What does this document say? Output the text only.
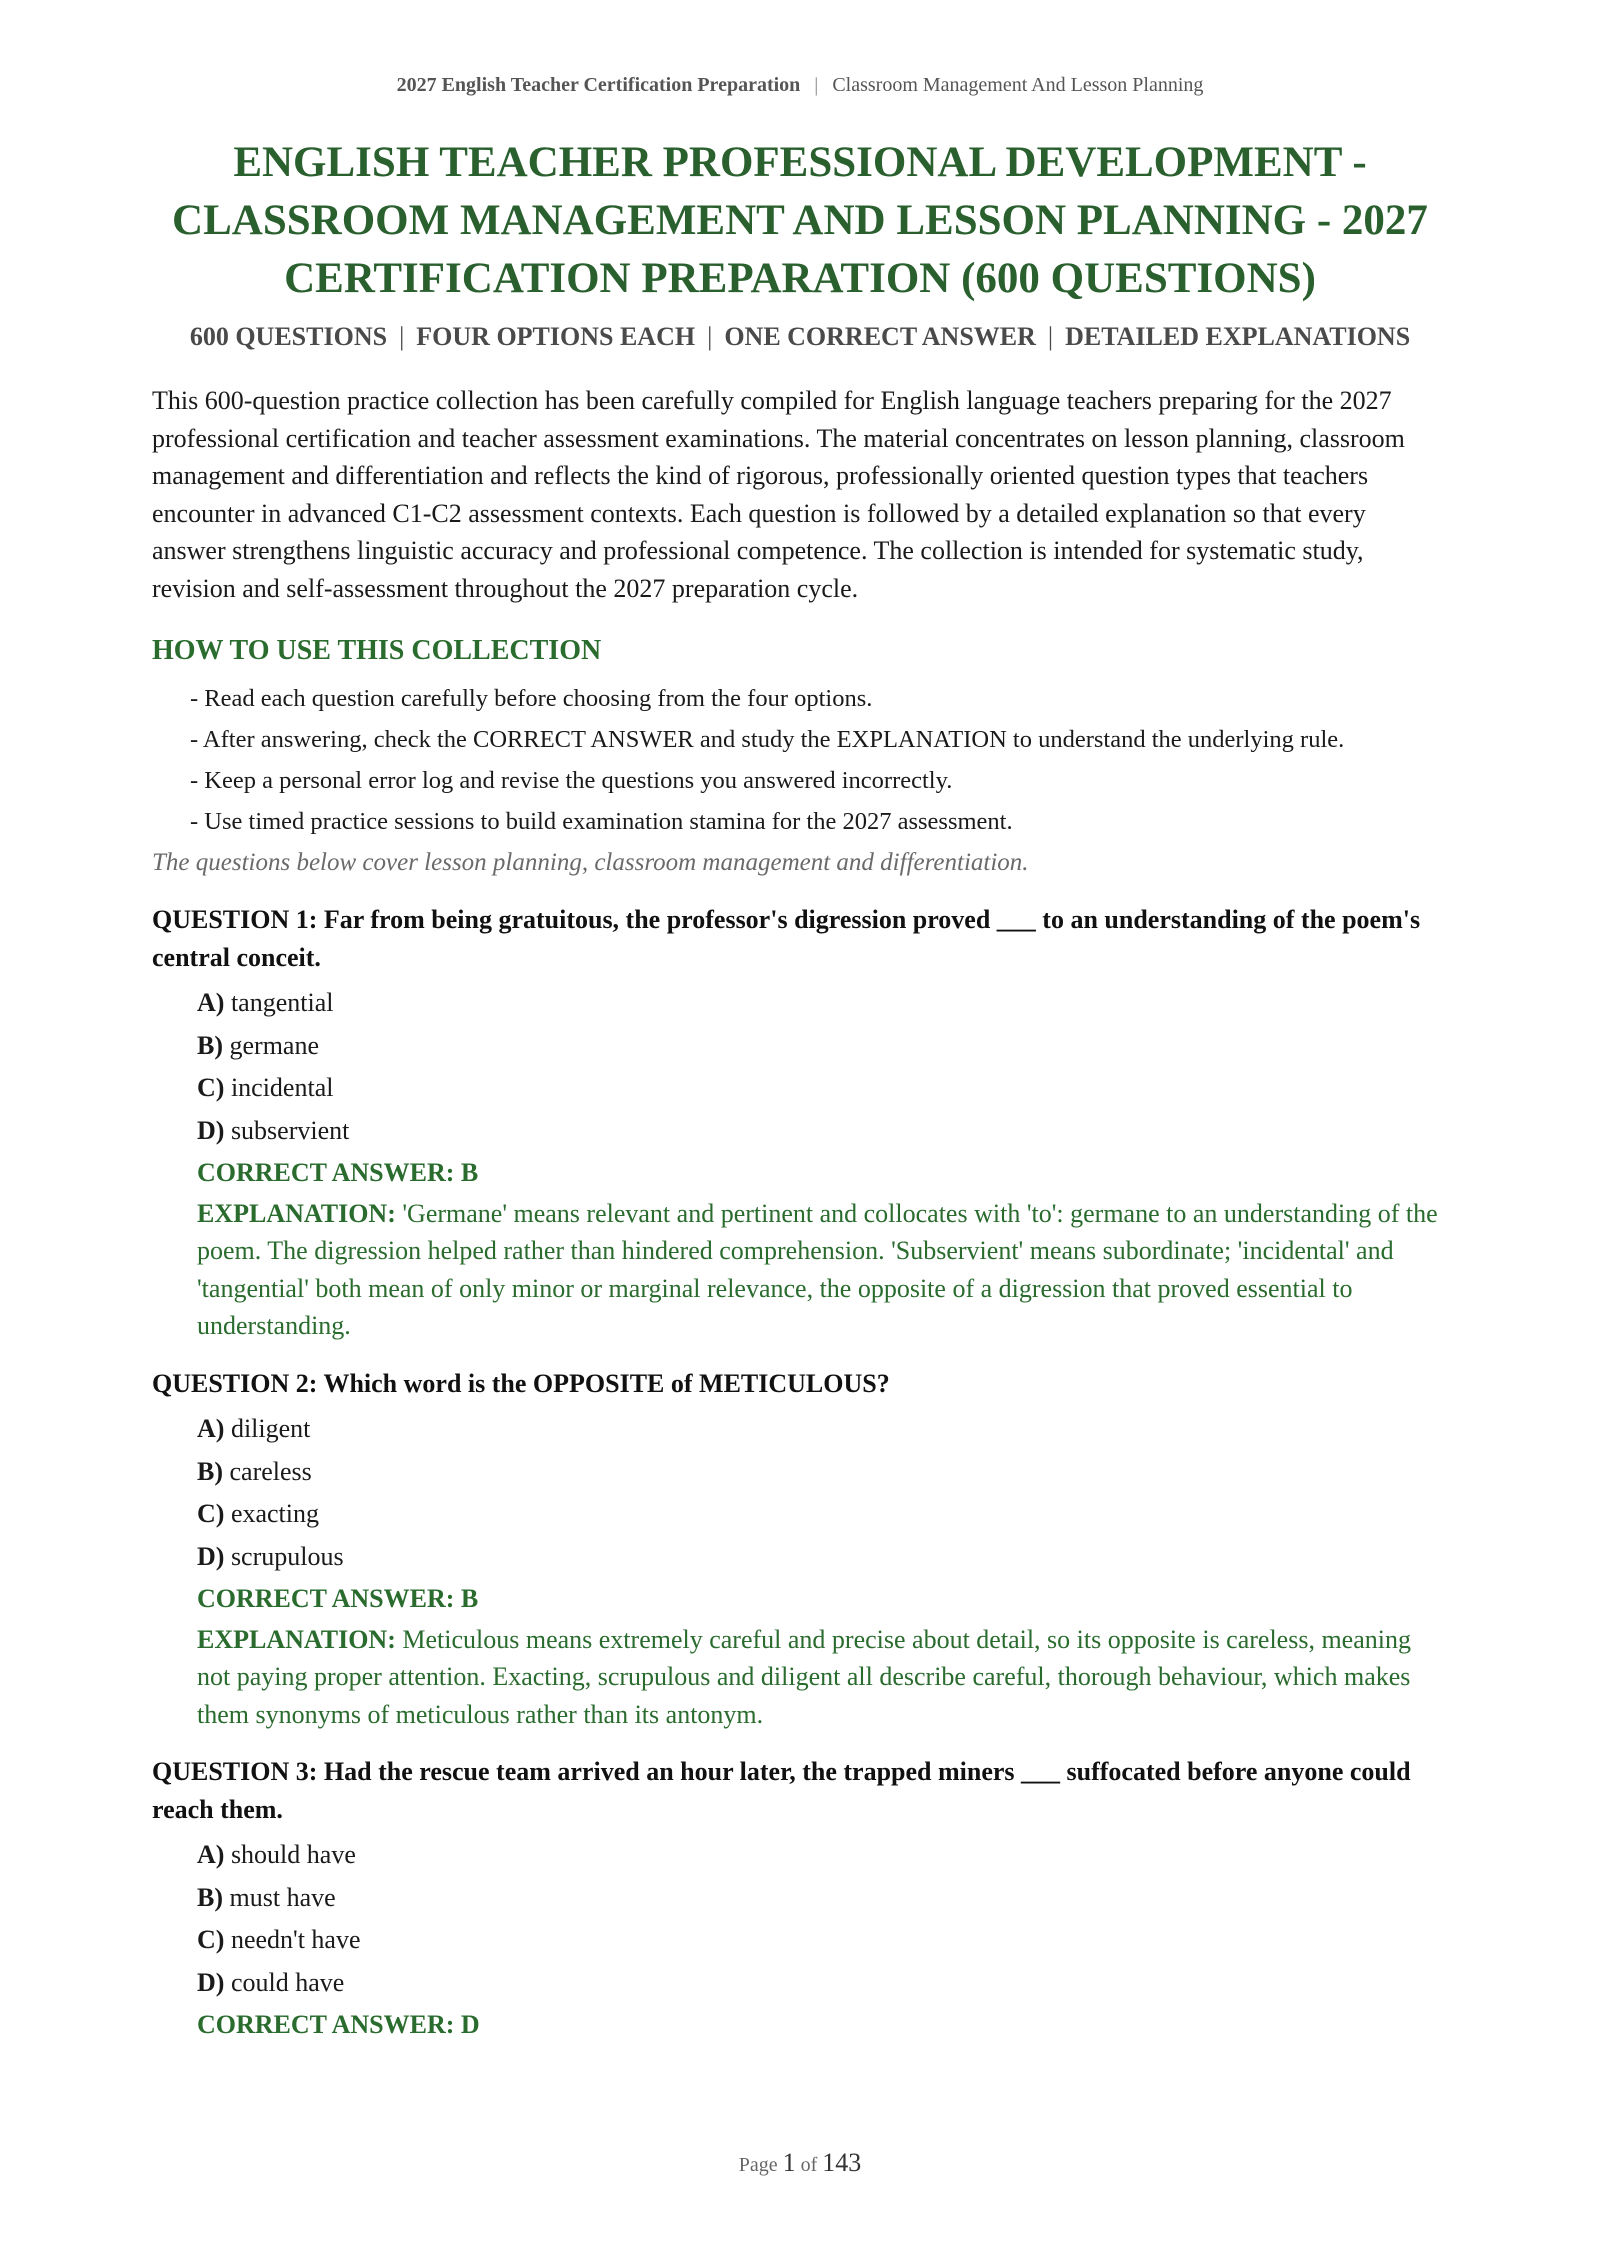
2027 English Teacher Certification Preparation | Classroom Management And Lesson Planning
ENGLISH TEACHER PROFESSIONAL DEVELOPMENT -
CLASSROOM MANAGEMENT AND LESSON PLANNING - 2027
CERTIFICATION PREPARATION (600 QUESTIONS)
600 QUESTIONS | FOUR OPTIONS EACH | ONE CORRECT ANSWER | DETAILED EXPLANATIONS

This 600-question practice collection has been carefully compiled for English language teachers preparing for the 2027 professional certification and teacher assessment examinations. The material concentrates on lesson planning, classroom management and differentiation and reflects the kind of rigorous, professionally oriented question types that teachers encounter in advanced C1-C2 assessment contexts. Each question is followed by a detailed explanation so that every answer strengthens linguistic accuracy and professional competence. The collection is intended for systematic study, revision and self-assessment throughout the 2027 preparation cycle.

HOW TO USE THIS COLLECTION
- Read each question carefully before choosing from the four options.
- After answering, check the CORRECT ANSWER and study the EXPLANATION to understand the underlying rule.
- Keep a personal error log and revise the questions you answered incorrectly.
- Use timed practice sessions to build examination stamina for the 2027 assessment.

The questions below cover lesson planning, classroom management and differentiation.

QUESTION 1: Far from being gratuitous, the professor's digression proved ___ to an understanding of the poem's central conceit.

A) tangential
B) germane
C) incidental
D) subservient

CORRECT ANSWER: B

EXPLANATION: 'Germane' means relevant and pertinent and collocates with 'to': germane to an understanding of the poem. The digression helped rather than hindered comprehension. 'Subservient' means subordinate; 'incidental' and 'tangential' both mean of only minor or marginal relevance, the opposite of a digression that proved essential to understanding.

QUESTION 2: Which word is the OPPOSITE of METICULOUS?

A) diligent
B) careless
C) exacting
D) scrupulous

CORRECT ANSWER: B

EXPLANATION: Meticulous means extremely careful and precise about detail, so its opposite is careless, meaning not paying proper attention. Exacting, scrupulous and diligent all describe careful, thorough behaviour, which makes them synonyms of meticulous rather than its antonym.

QUESTION 3: Had the rescue team arrived an hour later, the trapped miners ___ suffocated before anyone could reach them.

A) should have
B) must have
C) needn't have
D) could have

CORRECT ANSWER: D

Page 1 of 143
